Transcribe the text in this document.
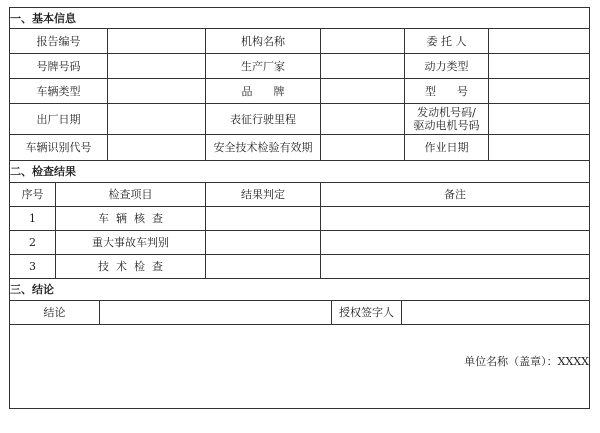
一、基本信息					
报告编号		机构名称		委 托 人	
号牌号码		生产厂家		动力类型	
车辆类型		品      牌		型      号	
出厂日期		表征行驶里程		发动机号码/
驱动电机号码	

车辆识别代号		安全技术检验有效期		作业日期	
二、检查结果			
序号	检查项目	结果判定	备注
1	车  辆  核  查		
2	重大事故车判别		
3	技  术  检  查		
三、结论
结论		授权签字人	
单位名称（盖章）：XXXX
